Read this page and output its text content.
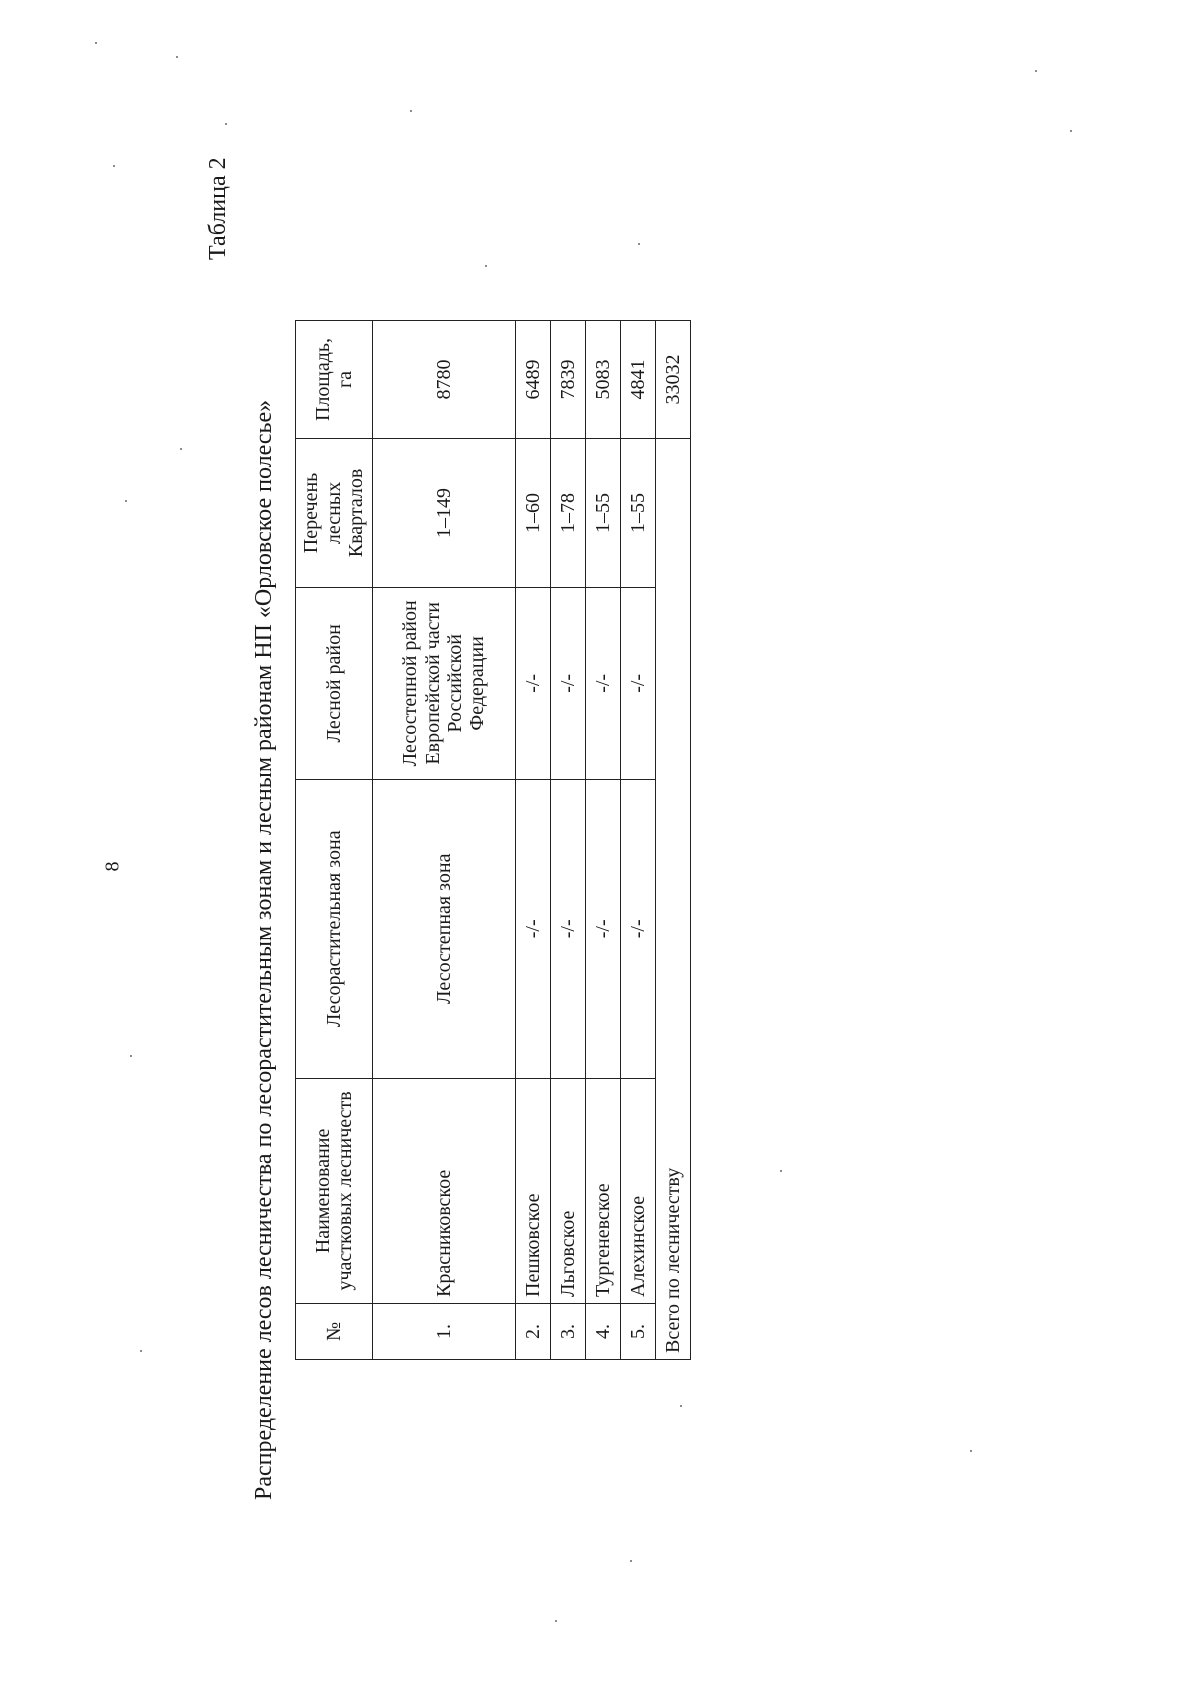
8
Таблица 2
Распределение лесов лесничества по лесорастительным зонам и лесным районам НП «Орловское полесье» №	Наименование участковых лесничеств	Лесорастительная зона	Лесной район	Перечень лесных Кварталов	Площадь, га
1.	Красниковское	Лесостепная зона	Лесостепной район Европейской части Российской Федерации	1–149	8780
2.	Пешковское	-/-	-/-	1–60	6489
3.	Льговское	-/-	-/-	1–78	7839
4.	Тургеневское	-/-	-/-	1–55	5083
5.	Алехинское	-/-	-/-	1–55	4841
Всего по лесничеству					33032
